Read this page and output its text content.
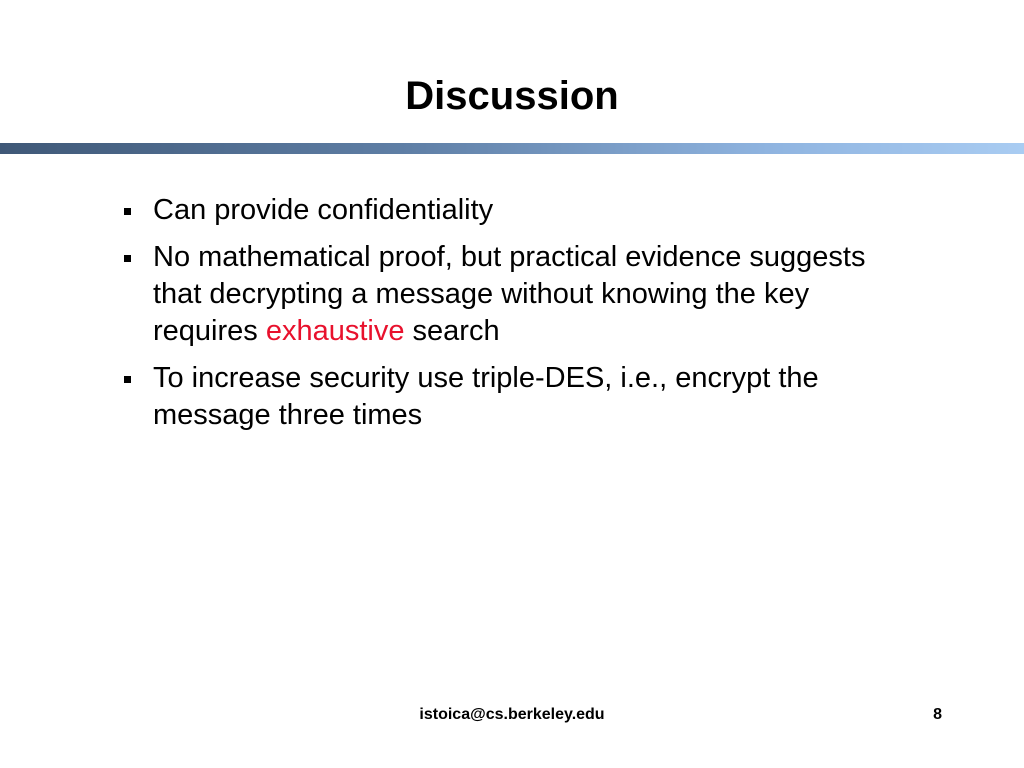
Discussion
Can provide confidentiality
No mathematical proof, but practical evidence suggests that decrypting a message without knowing the key requires exhaustive search
To increase security use triple-DES, i.e., encrypt the message three times
istoica@cs.berkeley.edu	8
